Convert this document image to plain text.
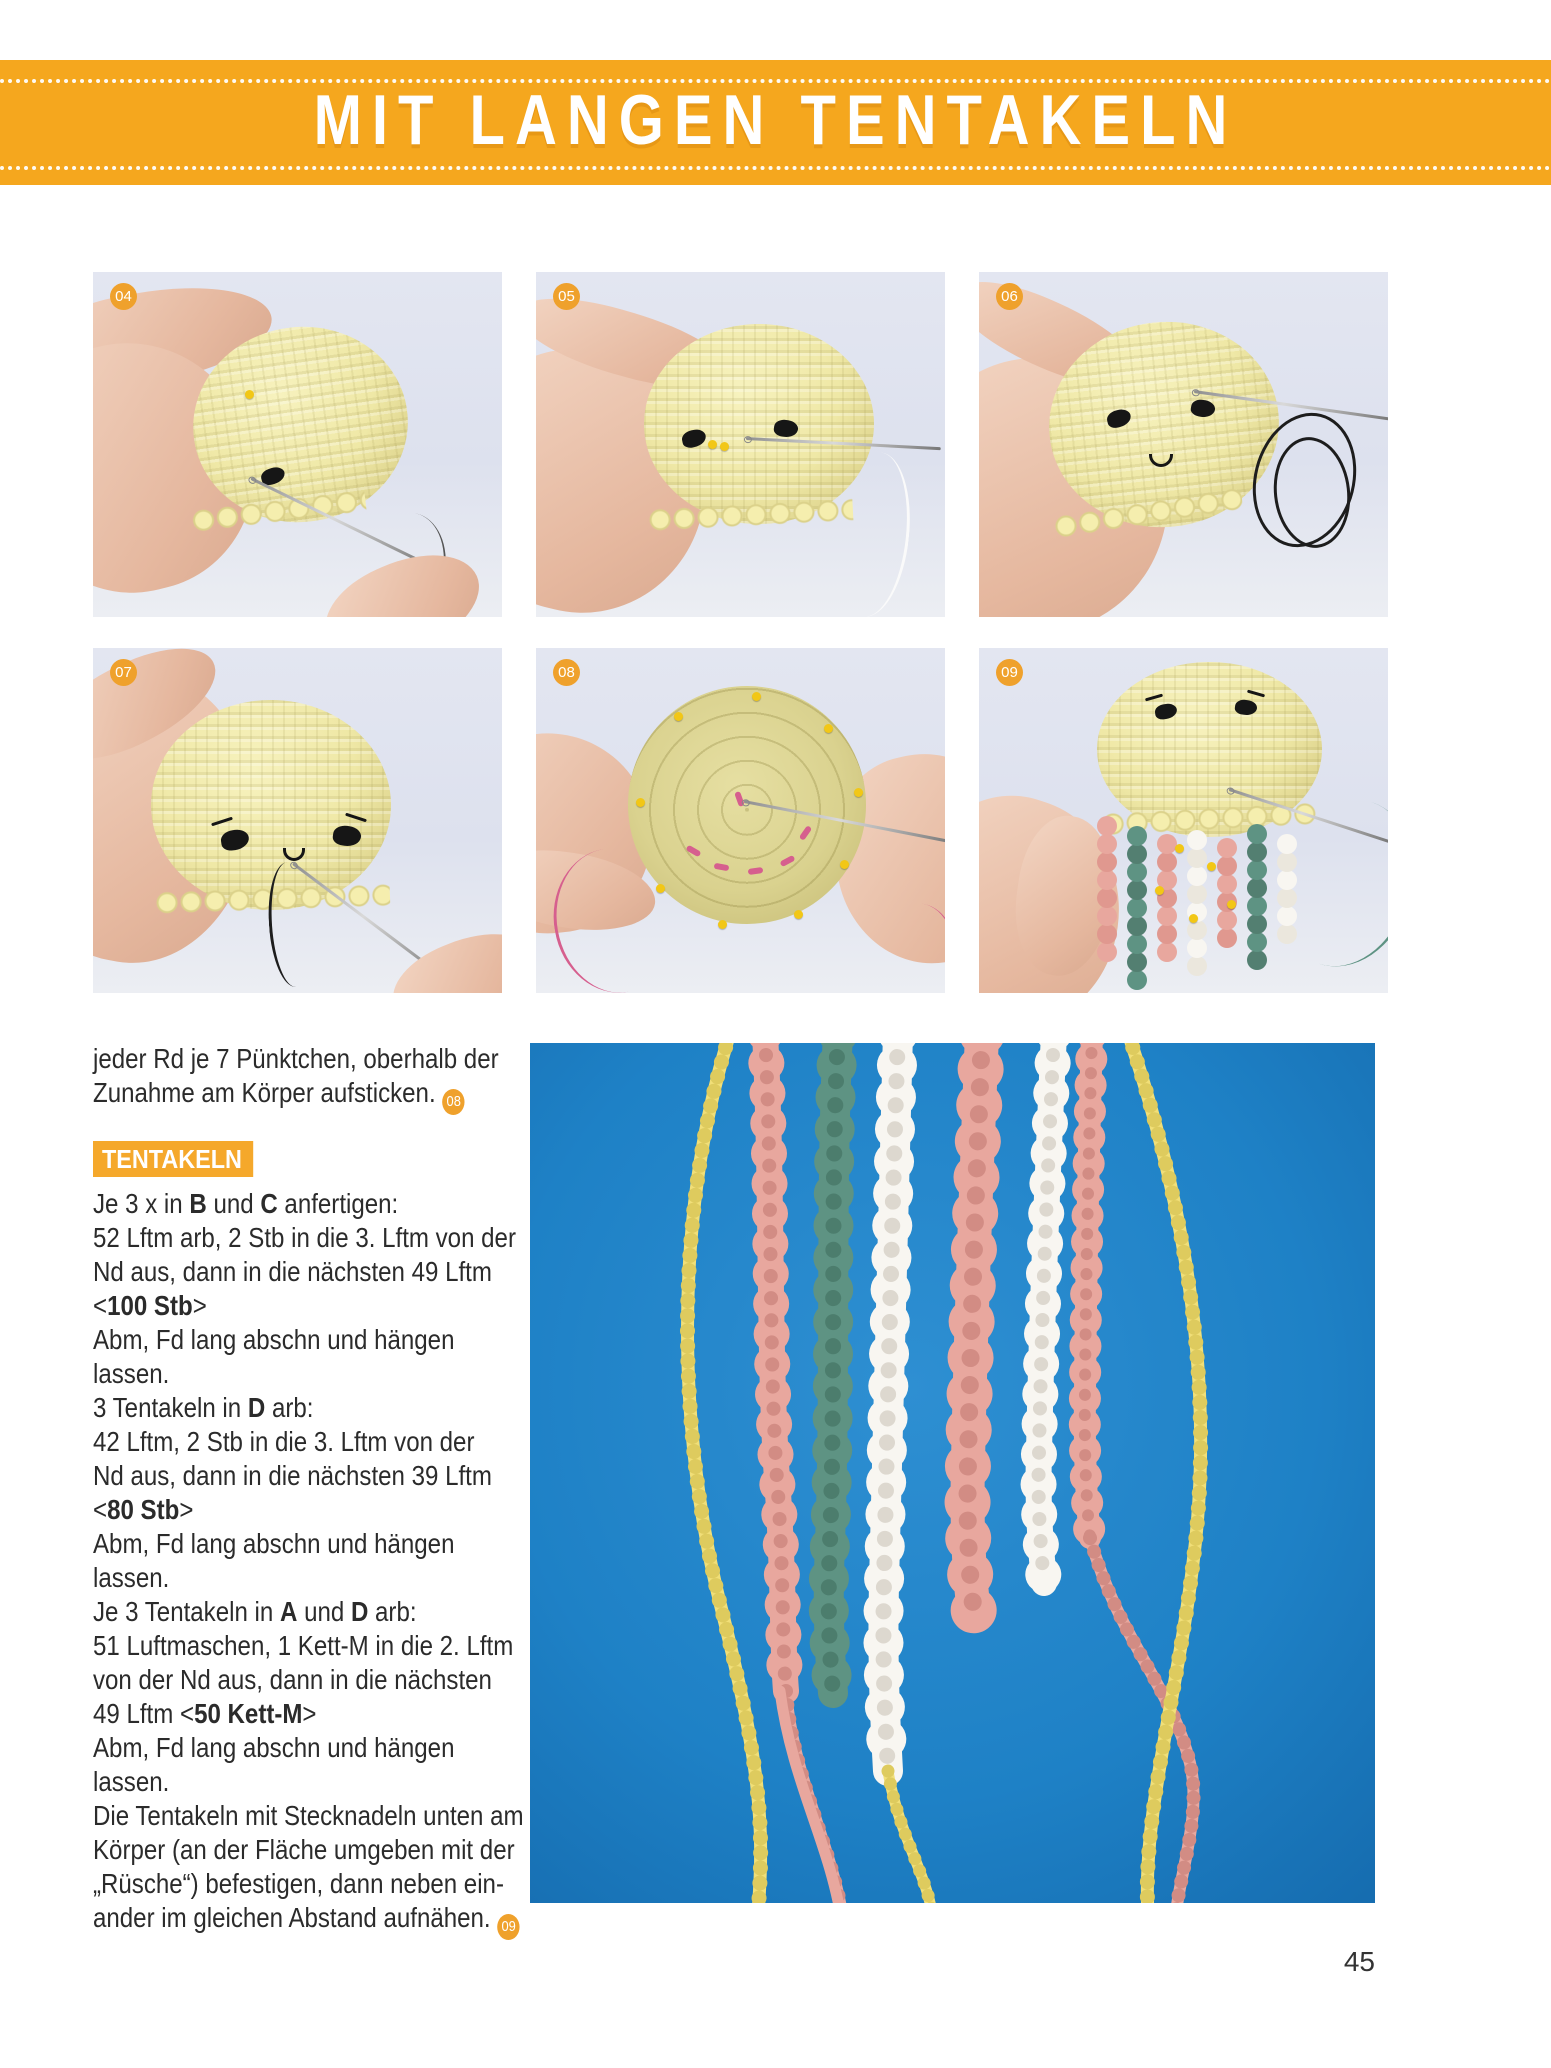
MIT LANGEN TENTAKELN
04	05	06
07	08	09
jeder Rd je 7 Pünktchen, oberhalb der
Zunahme am Körper aufsticken. 08
TENTAKELN
Je 3 x in B und C anfertigen:
52 Lftm arb, 2 Stb in die 3. Lftm von der
Nd aus, dann in die nächsten 49 Lftm
<100 Stb>
Abm, Fd lang abschn und hängen
lassen.
3 Tentakeln in D arb:
42 Lftm, 2 Stb in die 3. Lftm von der
Nd aus, dann in die nächsten 39 Lftm
<80 Stb>
Abm, Fd lang abschn und hängen
lassen.
Je 3 Tentakeln in A und D arb:
51 Luftmaschen, 1 Kett-M in die 2. Lftm
von der Nd aus, dann in die nächsten
49 Lftm <50 Kett-M>
Abm, Fd lang abschn und hängen
lassen.
Die Tentakeln mit Stecknadeln unten am
Körper (an der Fläche umgeben mit der
„Rüsche“) befestigen, dann neben ein-
ander im gleichen Abstand aufnähen. 09
45
